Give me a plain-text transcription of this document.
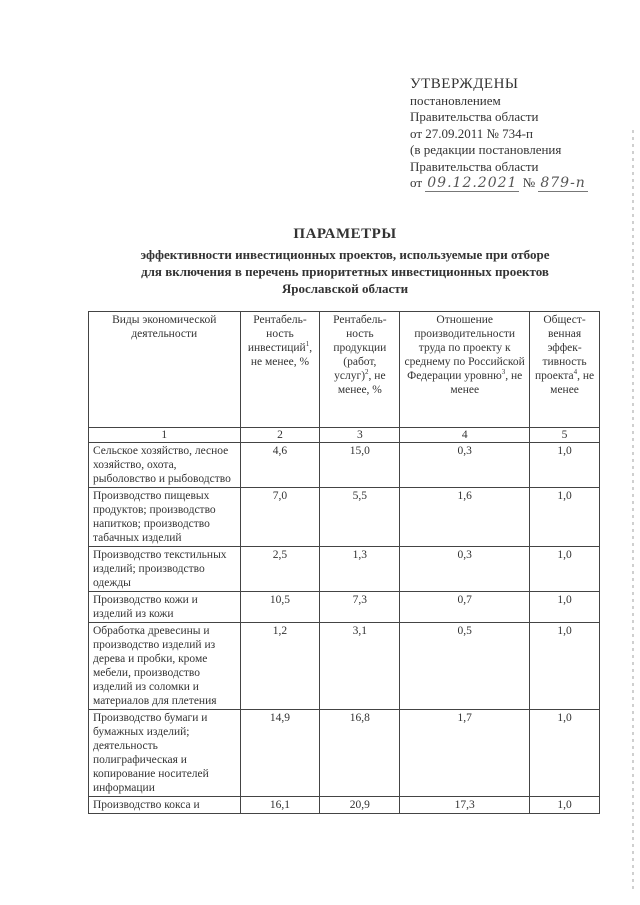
УТВЕРЖДЕНЫ
постановлением
Правительства области
от 27.09.2011 № 734-п
(в редакции постановления
Правительства области
от 09.12.2021 № 879-п
ПАРАМЕТРЫ
эффективности инвестиционных проектов, используемые при отборе
для включения в перечень приоритетных инвестиционных проектов
Ярославской области
Виды экономической деятельности	Рентабель-ность инвестиций$^1$, не менее, %	Рентабель-ность продукции (работ, услуг)$^2$, не менее, %	Отношение производительности труда по проекту к среднему по Российской Федерации уровню$^3$, не менее	Общест-венная эффек-тивность проекта$^4$, не менее
1	2	3	4	5
Сельское хозяйство, лесное хозяйство, охота, рыболовство и рыбоводство	4,6	15,0	0,3	1,0
Производство пищевых продуктов; производство напитков; производство табачных изделий	7,0	5,5	1,6	1,0
Производство текстильных изделий; производство одежды	2,5	1,3	0,3	1,0
Производство кожи и изделий из кожи	10,5	7,3	0,7	1,0
Обработка древесины и производство изделий из дерева и пробки, кроме мебели, производство изделий из соломки и материалов для плетения	1,2	3,1	0,5	1,0
Производство бумаги и бумажных изделий; деятельность полиграфическая и копирование носителей информации	14,9	16,8	1,7	1,0
Производство кокса и	16,1	20,9	17,3	1,0
